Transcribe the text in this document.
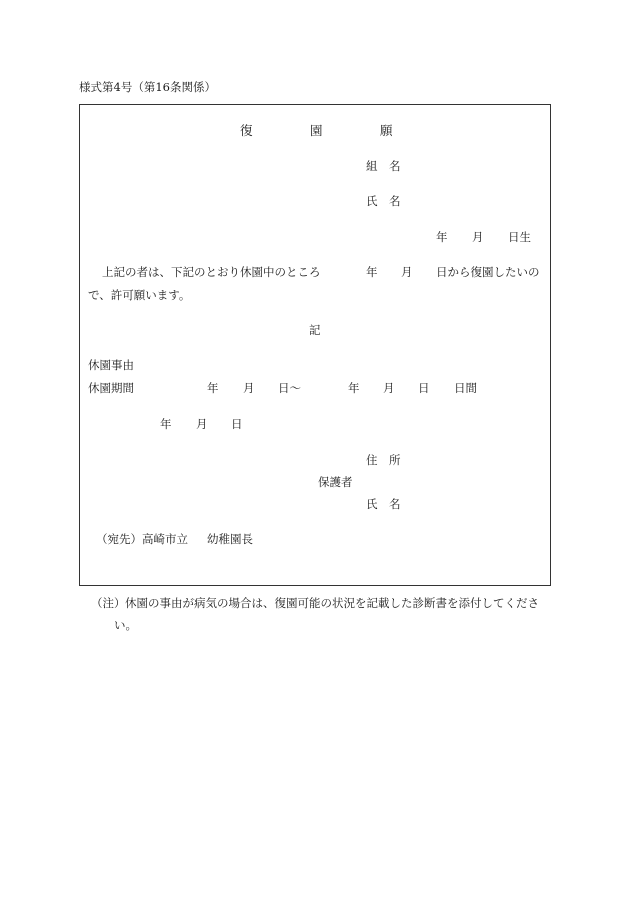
様式第4号（第16条関係）
復	園	願
組　名
氏　名
年 月 日生
上記の者は、下記のとおり休園中のところ	年 月 日から復園したいの
で、許可願います。
記
休園事由
休園期間	年 月 日～	年 月 日 日間
年 月 日
住　所
保護者
氏　名
（宛先）高崎市立 幼稚園長
（注） 休園の事由が病気の場合は、復園可能の状況を記載した診断書を添付してくださ
い。
